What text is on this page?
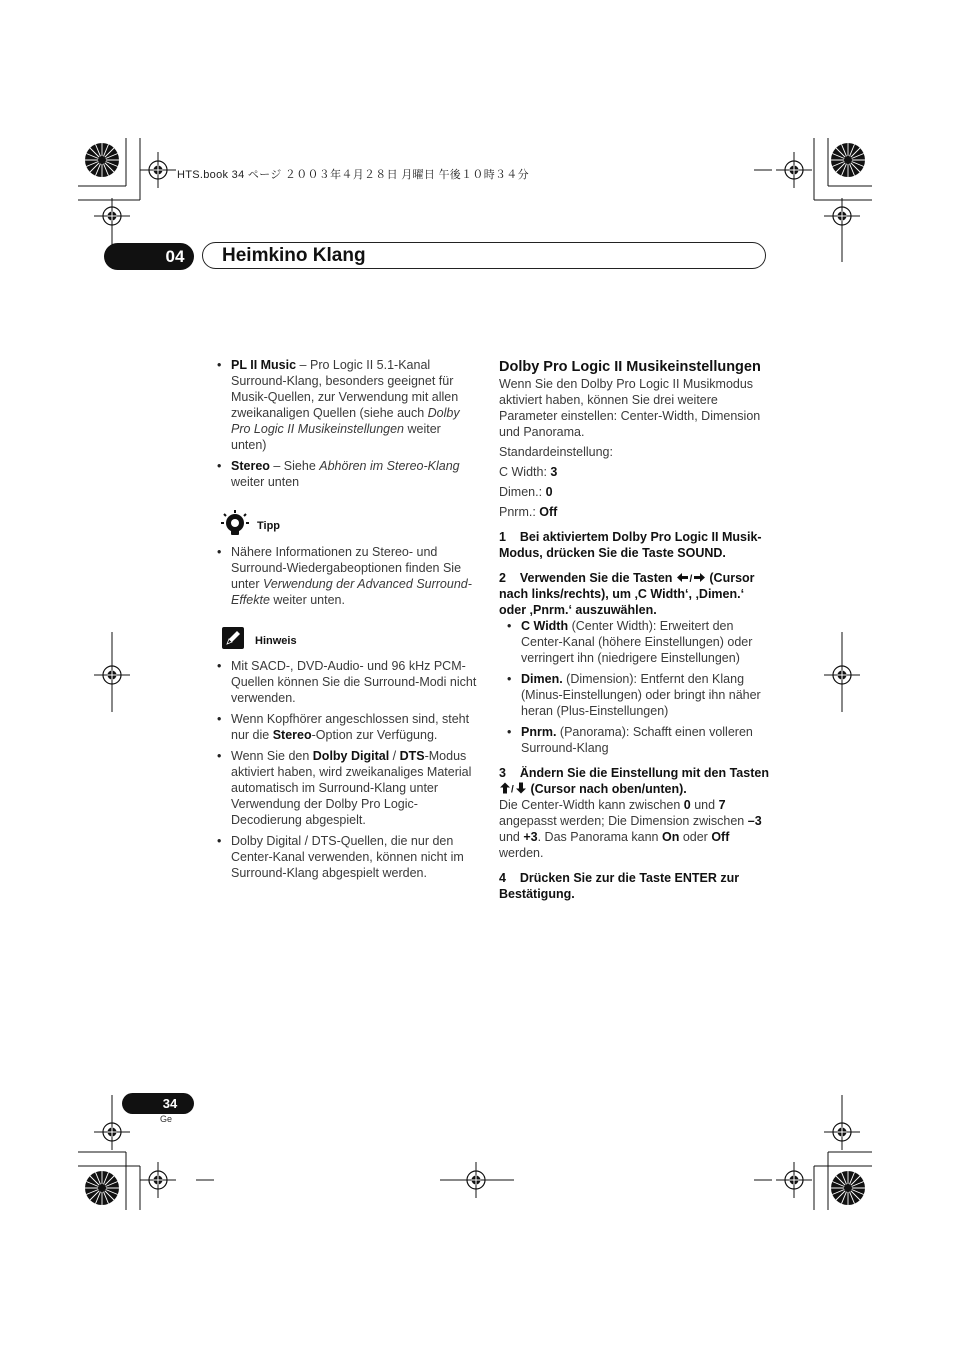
HTS.book 34 ページ ２００３年４月２８日 月曜日 午後１０時３４分
04	Heimkino Klang
• PL II Music – Pro Logic II 5.1-Kanal Surround-Klang, besonders geeignet für Musik-Quellen, zur Verwendung mit allen zweikanaligen Quellen (siehe auch Dolby Pro Logic II Musikeinstellungen weiter unten)
• Stereo – Siehe Abhören im Stereo-Klang weiter unten
Tipp
• Nähere Informationen zu Stereo- und Surround-Wiedergabeoptionen finden Sie unter Verwendung der Advanced Surround-Effekte weiter unten.
Hinweis
• Mit SACD-, DVD-Audio- und 96 kHz PCM-Quellen können Sie die Surround-Modi nicht verwenden.
• Wenn Kopfhörer angeschlossen sind, steht nur die Stereo-Option zur Verfügung.
• Wenn Sie den Dolby Digital / DTS-Modus aktiviert haben, wird zweikanaliges Material automatisch im Surround-Klang unter Verwendung der Dolby Pro Logic-Decodierung abgespielt.
• Dolby Digital / DTS-Quellen, die nur den Center-Kanal verwenden, können nicht im Surround-Klang abgespielt werden.
Dolby Pro Logic II Musikeinstellungen
Wenn Sie den Dolby Pro Logic II Musikmodus aktiviert haben, können Sie drei weitere Parameter einstellen: Center-Width, Dimension und Panorama.
Standardeinstellung:
C Width: 3
Dimen.: 0
Pnrm.: Off
1    Bei aktiviertem Dolby Pro Logic II Musik-Modus, drücken Sie die Taste SOUND.
2    Verwenden Sie die Tasten / (Cursor nach links/rechts), um ‚C Width‘, ‚Dimen.‘ oder ‚Pnrm.‘ auszuwählen.
• C Width (Center Width): Erweitert den Center-Kanal (höhere Einstellungen) oder verringert ihn (niedrigere Einstellungen)
• Dimen. (Dimension): Entfernt den Klang (Minus-Einstellungen) oder bringt ihn näher heran (Plus-Einstellungen)
• Pnrm. (Panorama): Schafft einen volleren Surround-Klang
3    Ändern Sie die Einstellung mit den Tasten
/ (Cursor nach oben/unten).
Die Center-Width kann zwischen 0 und 7 angepasst werden; Die Dimension zwischen –3 und +3. Das Panorama kann On oder Off werden.
4    Drücken Sie zur die Taste ENTER zur Bestätigung.
34
Ge
